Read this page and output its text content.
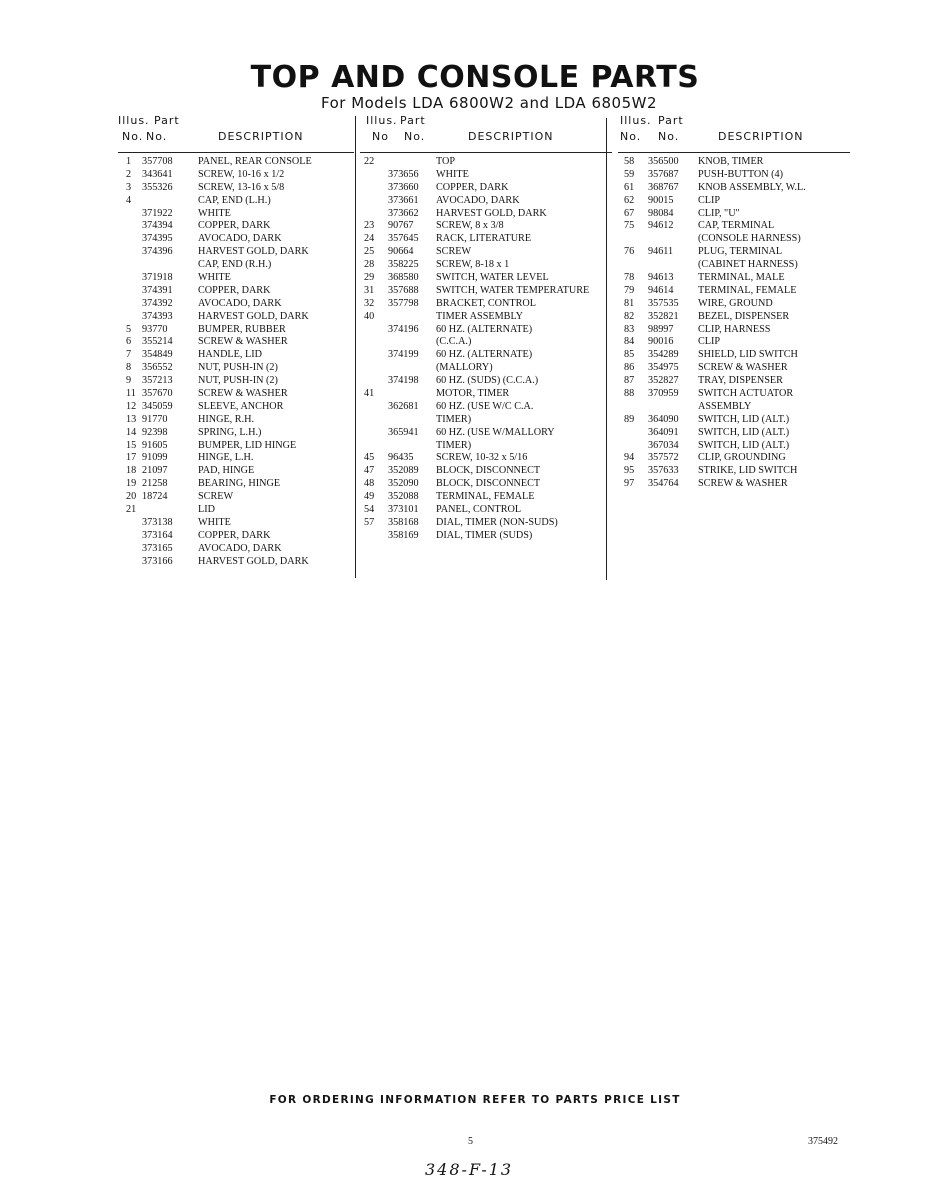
TOP AND CONSOLE PARTS
For Models LDA 6800W2 and LDA 6805W2
Illus. Part
No. No.	DESCRIPTION
1 357708 PANEL, REAR CONSOLE
2 343641 SCREW, 10-16 x 1/2
3 355326 SCREW, 13-16 x 5/8
4	CAP, END (L.H.)
371922 WHITE
374394 COPPER, DARK
374395 AVOCADO, DARK
374396 HARVEST GOLD, DARK
CAP, END (R.H.)
371918 WHITE
374391 COPPER, DARK
374392 AVOCADO, DARK
374393 HARVEST GOLD, DARK
5 93770	BUMPER, RUBBER
6 355214 SCREW & WASHER
7 354849 HANDLE, LID
8 356552 NUT, PUSH-IN (2)
9 357213 NUT, PUSH-IN (2)
11 357670 SCREW & WASHER
12 345059 SLEEVE, ANCHOR
13 91770	HINGE, R.H.
14 92398	SPRING, L.H.)
15 91605	BUMPER, LID HINGE
17 91099	HINGE, L.H.
18 21097	PAD, HINGE
19 21258	BEARING, HINGE
20 18724	SCREW
21	LID
373138 WHITE
373164 COPPER, DARK
373165 AVOCADO, DARK
373166 HARVEST GOLD, DARK
Illus. Part
No No.	DESCRIPTION
22	TOP
373656 WHITE
373660 COPPER, DARK
373661 AVOCADO, DARK
373662 HARVEST GOLD, DARK
23 90767 SCREW, 8 x 3/8
24 357645 RACK, LITERATURE
25 90664 SCREW
28 358225 SCREW, 8-18 x 1
29 368580 SWITCH, WATER LEVEL
31 357688 SWITCH, WATER TEMPERATURE
32 357798 BRACKET, CONTROL
40	TIMER ASSEMBLY
374196 60 HZ. (ALTERNATE)
(C.C.A.)
374199 60 HZ. (ALTERNATE)
(MALLORY)
374198 60 HZ. (SUDS) (C.C.A.)
41	MOTOR, TIMER
362681 60 HZ. (USE W/C C.A.
TIMER)
365941 60 HZ. (USE W/MALLORY
TIMER)
45 96435 SCREW, 10-32 x 5/16
47 352089 BLOCK, DISCONNECT
48 352090 BLOCK, DISCONNECT
49 352088 TERMINAL, FEMALE
54 373101 PANEL, CONTROL
57 358168 DIAL, TIMER (NON-SUDS)
358169 DIAL, TIMER (SUDS)
Illus. Part
No. No.	DESCRIPTION
58 356500 KNOB, TIMER
59 357687 PUSH-BUTTON (4)
61 368767 KNOB ASSEMBLY, W.L.
62 90015 CLIP
67 98084 CLIP, "U"
75 94612 CAP, TERMINAL
(CONSOLE HARNESS)
76 94611 PLUG, TERMINAL
(CABINET HARNESS)
78 94613 TERMINAL, MALE
79 94614 TERMINAL, FEMALE
81 357535 WIRE, GROUND
82 352821 BEZEL, DISPENSER
83 98997 CLIP, HARNESS
84 90016 CLIP
85 354289 SHIELD, LID SWITCH
86 354975 SCREW & WASHER
87 352827 TRAY, DISPENSER
88 370959 SWITCH ACTUATOR
ASSEMBLY
89 364090 SWITCH, LID (ALT.)
364091 SWITCH, LID (ALT.)
367034 SWITCH, LID (ALT.)
94 357572 CLIP, GROUNDING
95 357633 STRIKE, LID SWITCH
97 354764 SCREW & WASHER
FOR ORDERING INFORMATION REFER TO PARTS PRICE LIST
5	375492
348-F-13
